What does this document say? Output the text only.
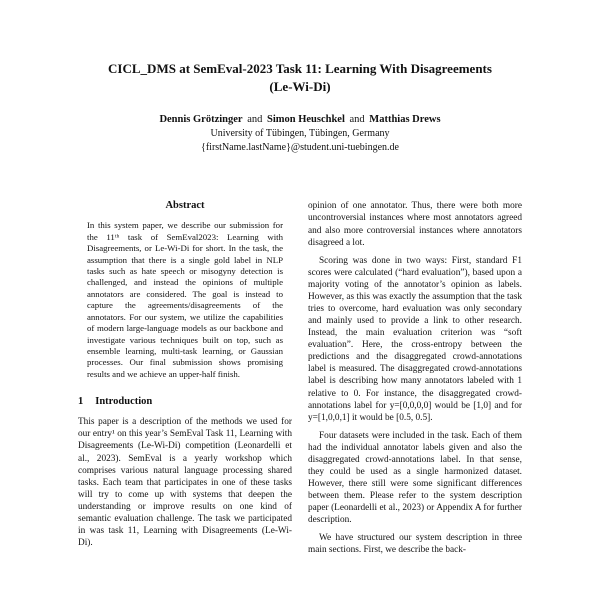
CICL_DMS at SemEval-2023 Task 11: Learning With Disagreements (Le-Wi-Di)
Dennis Grötzinger and Simon Heuschkel and Matthias Drews
University of Tübingen, Tübingen, Germany
{firstName.lastName}@student.uni-tuebingen.de
Abstract

In this system paper, we describe our submission for the 11ᵗʰ task of SemEval2023: Learning with Disagreements, or Le-Wi-Di for short. In the task, the assumption that there is a single gold label in NLP tasks such as hate speech or misogyny detection is challenged, and instead the opinions of multiple annotators are considered. The goal is instead to capture the agreements/disagreements of the annotators. For our system, we utilize the capabilities of modern large-language models as our backbone and investigate various techniques built on top, such as ensemble learning, multi-task learning, or Gaussian processes. Our final submission shows promising results and we achieve an upper-half finish.

1 Introduction

This paper is a description of the methods we used for our entry¹ on this year’s SemEval Task 11, Learning with Disagreements (Le-Wi-Di) competition (Leonardelli et al., 2023). SemEval is a yearly workshop which comprises various natural language processing shared tasks. Each team that participates in one of these tasks will try to come up with systems that deepen the understanding or improve results on one kind of semantic evaluation challenge. The task we participated in was task 11, Learning with Disagreements (Le-Wi-Di).

opinion of one annotator. Thus, there were both more uncontroversial instances where most annotators agreed and also more controversial instances where annotators disagreed a lot.

Scoring was done in two ways: First, standard F1 scores were calculated (“hard evaluation”), based upon a majority voting of the annotator’s opinion as labels. However, as this was exactly the assumption that the task tries to overcome, hard evaluation was only secondary and mainly used to provide a link to other research. Instead, the main evaluation criterion was “soft evaluation”. Here, the cross-entropy between the predictions and the disaggregated crowd-annotations label is measured. The disaggregated crowd-annotations label is describing how many annotators labeled with 1 relative to 0. For instance, the disaggregated crowd-annotations label for y=[0,0,0,0] would be [1,0] and for y=[1,0,0,1] it would be [0.5, 0.5].

Four datasets were included in the task. Each of them had the individual annotator labels given and also the disaggregated crowd-annotations label. In that sense, they could be used as a single harmonized dataset. However, there still were some significant differences between them. Please refer to the system description paper (Leonardelli et al., 2023) or Appendix A for further description.

We have structured our system description in three main sections. First, we describe the back-
